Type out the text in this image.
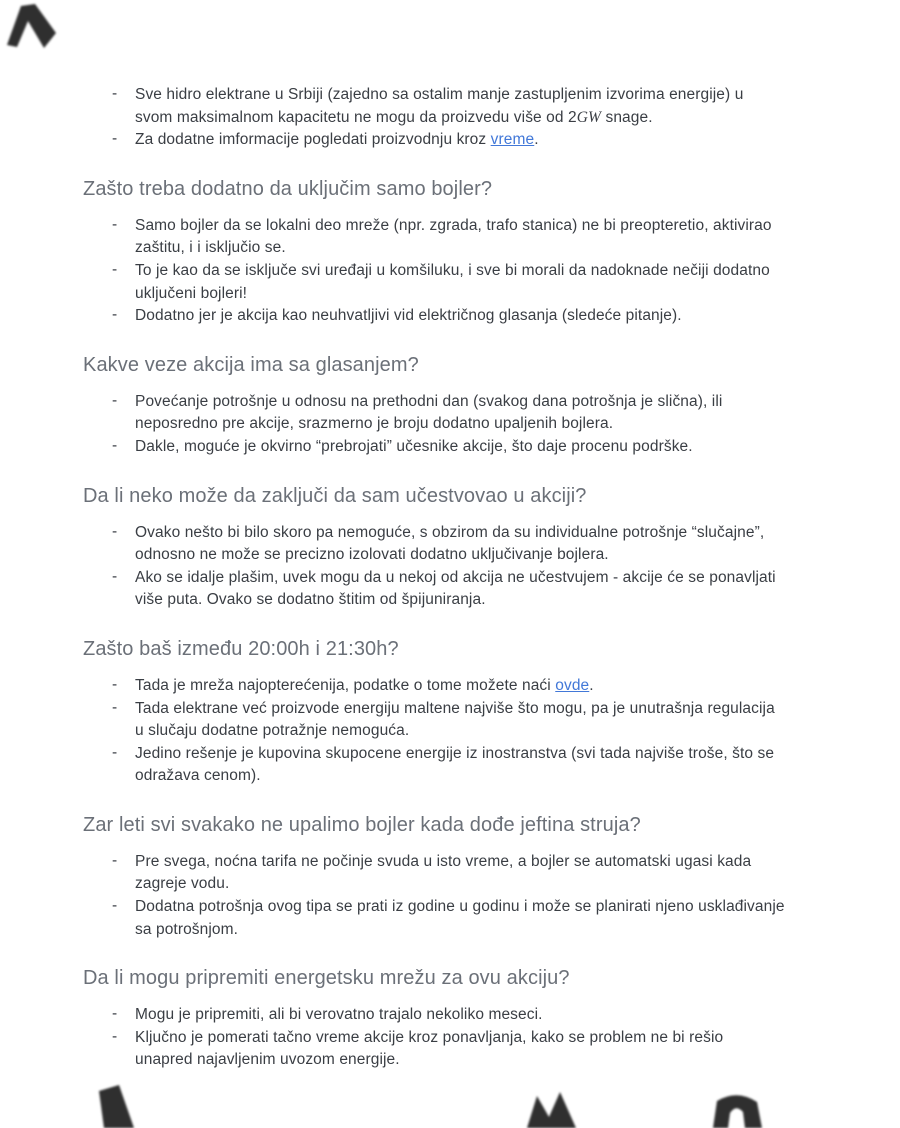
- Sve hidro elektrane u Srbiji (zajedno sa ostalim manje zastupljenim izvorima energije) u svom maksimalnom kapacitetu ne mogu da proizvedu više od 2GW snage.
- Za dodatne imformacije pogledati proizvodnju kroz vreme.
Zašto treba dodatno da uključim samo bojler?
- Samo bojler da se lokalni deo mreže (npr. zgrada, trafo stanica) ne bi preopteretio, aktivirao zaštitu, i i isključio se.
- To je kao da se isključe svi uređaji u komšiluku, i sve bi morali da nadoknade nečiji dodatno uključeni bojleri!
- Dodatno jer je akcija kao neuhvatljivi vid električnog glasanja (sledeće pitanje).
Kakve veze akcija ima sa glasanjem?
- Povećanje potrošnje u odnosu na prethodni dan (svakog dana potrošnja je slična), ili neposredno pre akcije, srazmerno je broju dodatno upaljenih bojlera.
- Dakle, moguće je okvirno “prebrojati” učesnike akcije, što daje procenu podrške.
Da li neko može da zaključi da sam učestvovao u akciji?
- Ovako nešto bi bilo skoro pa nemoguće, s obzirom da su individualne potrošnje “slučajne”, odnosno ne može se precizno izolovati dodatno uključivanje bojlera.
- Ako se idalje plašim, uvek mogu da u nekoj od akcija ne učestvujem - akcije će se ponavljati više puta. Ovako se dodatno štitim od špijuniranja.
Zašto baš između 20:00h i 21:30h?
- Tada je mreža najopterećenija, podatke o tome možete naći ovde.
- Tada elektrane već proizvode energiju maltene najviše što mogu, pa je unutrašnja regulacija u slučaju dodatne potražnje nemoguća.
- Jedino rešenje je kupovina skupocene energije iz inostranstva (svi tada najviše troše, što se odražava cenom).
Zar leti svi svakako ne upalimo bojler kada dođe jeftina struja?
- Pre svega, noćna tarifa ne počinje svuda u isto vreme, a bojler se automatski ugasi kada zagreje vodu.
- Dodatna potrošnja ovog tipa se prati iz godine u godinu i može se planirati njeno usklađivanje sa potrošnjom.
Da li mogu pripremiti energetsku mrežu za ovu akciju?
- Mogu je pripremiti, ali bi verovatno trajalo nekoliko meseci.
- Ključno je pomerati tačno vreme akcije kroz ponavljanja, kako se problem ne bi rešio unapred najavljenim uvozom energije.
